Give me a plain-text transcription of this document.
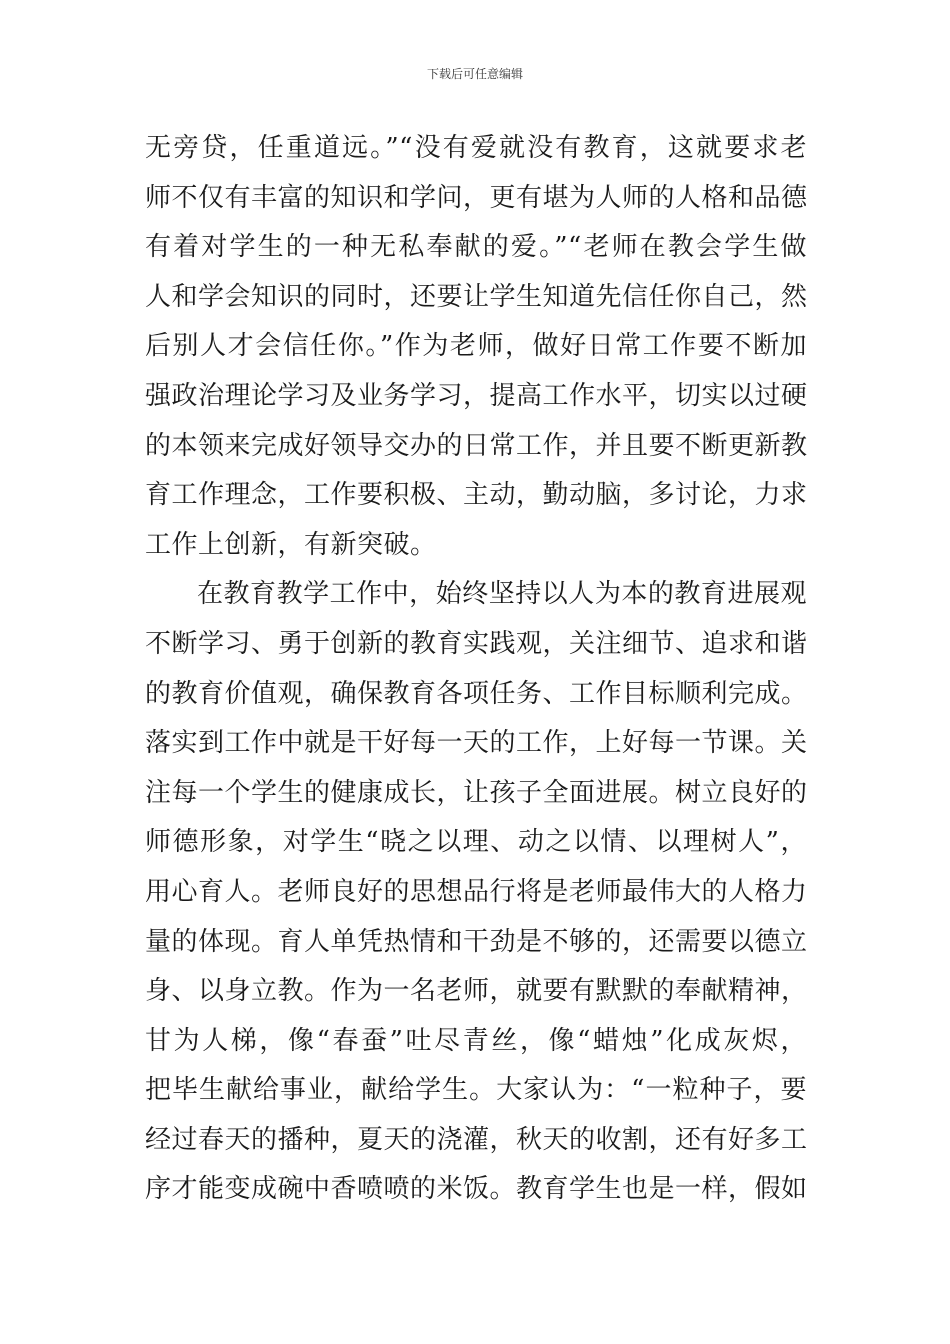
下载后可任意编辑
无旁贷，任重道远。”“没有爱就没有教育，这就要求老
师不仅有丰富的知识和学问，更有堪为人师的人格和品德
有着对学生的一种无私奉献的爱。”“老师在教会学生做
人和学会知识的同时，还要让学生知道先信任你自己，然
后别人才会信任你。”作为老师，做好日常工作要不断加
强政治理论学习及业务学习，提高工作水平，切实以过硬
的本领来完成好领导交办的日常工作，并且要不断更新教
育工作理念，工作要积极、主动，勤动脑，多讨论，力求
工作上创新，有新突破。
在教育教学工作中，始终坚持以人为本的教育进展观
不断学习、勇于创新的教育实践观，关注细节、追求和谐
的教育价值观，确保教育各项任务、工作目标顺利完成。
落实到工作中就是干好每一天的工作，上好每一节课。关
注每一个学生的健康成长，让孩子全面进展。树立良好的
师德形象，对学生“晓之以理、动之以情、以理树人”，
用心育人。老师良好的思想品行将是老师最伟大的人格力
量的体现。育人单凭热情和干劲是不够的，还需要以德立
身、以身立教。作为一名老师，就要有默默的奉献精神，
甘为人梯，像“春蚕”吐尽青丝，像“蜡烛”化成灰烬，
把毕生献给事业，献给学生。大家认为：“一粒种子，要
经过春天的播种，夏天的浇灌，秋天的收割，还有好多工
序才能变成碗中香喷喷的米饭。教育学生也是一样，假如
